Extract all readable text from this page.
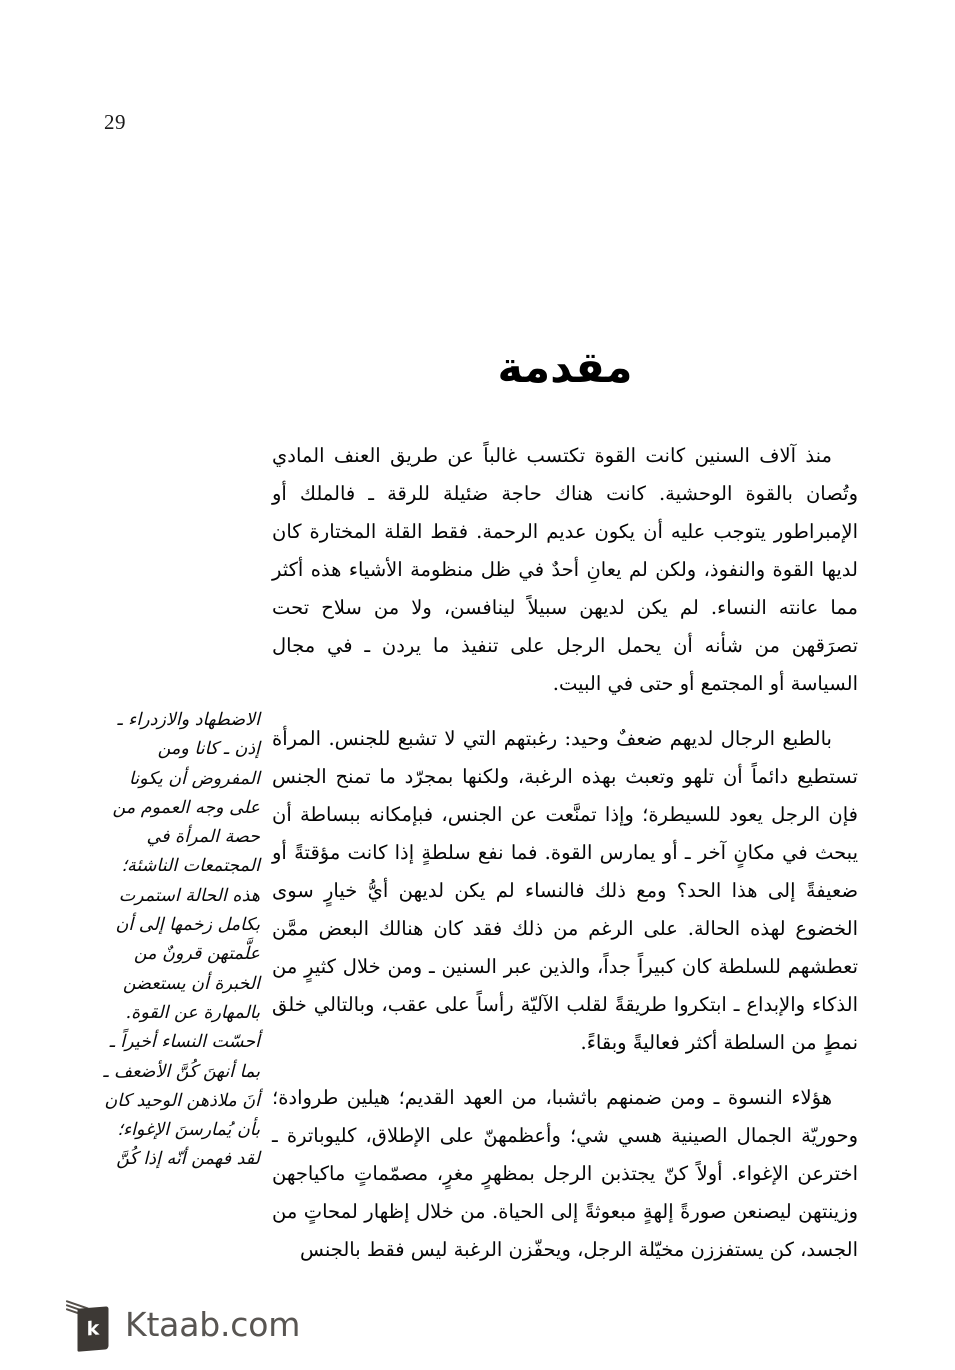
29
مقدمة

منذ آلاف السنين كانت القوة تكتسب غالباً عن طريق العنف المادي وتُصان بالقوة الوحشية. كانت هناك حاجة ضئيلة للرقة ـ فالملك أو الإمبراطور يتوجب عليه أن يكون عديم الرحمة. فقط القلة المختارة كان لديها القوة والنفوذ، ولكن لم يعانِ أحدٌ في ظل منظومة الأشياء هذه أكثر مما عانته النساء. لم يكن لديهن سبيلاً لينافسن، ولا من سلاح تحت تصرَقهن من شأنه أن يحمل الرجل على تنفيذ ما يردن ـ في مجال السياسة أو المجتمع أو حتى في البيت.

بالطبع الرجال لديهم ضعفٌ وحيد: رغبتهم التي لا تشبع للجنس. المرأة تستطيع دائماً أن تلهو وتعبث بهذه الرغبة، ولكنها بمجرّد ما تمنح الجنس فإن الرجل يعود للسيطرة؛ وإذا تمنَّعت عن الجنس، فبإمكانه ببساطة أن يبحث في مكانٍ آخر ـ أو يمارس القوة. فما نفع سلطةٍ إذا كانت مؤقتةً أو ضعيفةً إلى هذا الحد؟ ومع ذلك فالنساء لم يكن لديهن أيُّ خيارٍ سوى الخضوع لهذه الحالة. على الرغم من ذلك فقد كان هنالك البعض ممَّن تعطشهم للسلطة كان كبيراً جداً، والذين عبر السنين ـ ومن خلال كثيرٍ من الذكاء والإبداع ـ ابتكروا طريقةً لقلب الآليّة رأساً على عقب، وبالتالي خلق نمطٍ من السلطة أكثر فعاليةً وبقاءً.

هؤلاء النسوة ـ ومن ضمنهم باثشبا، من العهد القديم؛ هيلين طروادة؛ وحوريّة الجمال الصينية هسي شي؛ وأعظمهنّ على الإطلاق، كليوباترة ـ اخترعن الإغواء. أولاً كنّ يجتذبن الرجل بمظهرٍ مغرٍ، مصمّماتٍ ماكياجهن وزينتهن ليصنعن صورةً إلهةٍ مبعوثةً إلى الحياة. من خلال إظهار لمحاتٍ من الجسد، كن يستفززن مخيّلة الرجل، ويحفّزن الرغبة ليس فقط بالجنس

الاضطهاد والازدراء ـ إذن ـ كانا ومن المفروض أن يكونا على وجه العموم من حصة المرأة في المجتمعات الناشئة؛ هذه الحالة استمرت بكامل زخمها إلى أن علَّمتهن قرونٌ من الخبرة أن يستعضن بالمهارة عن القوة. أحسّت النساء أخيراً ـ بما أنهنَ كُنَّ الأضعف ـ أنَ ملاذهن الوحيد كان بأن يُمارسنَ الإغواء؛ لقد فهمن أنّه إذا كُنَّ

k Ktaab.com
